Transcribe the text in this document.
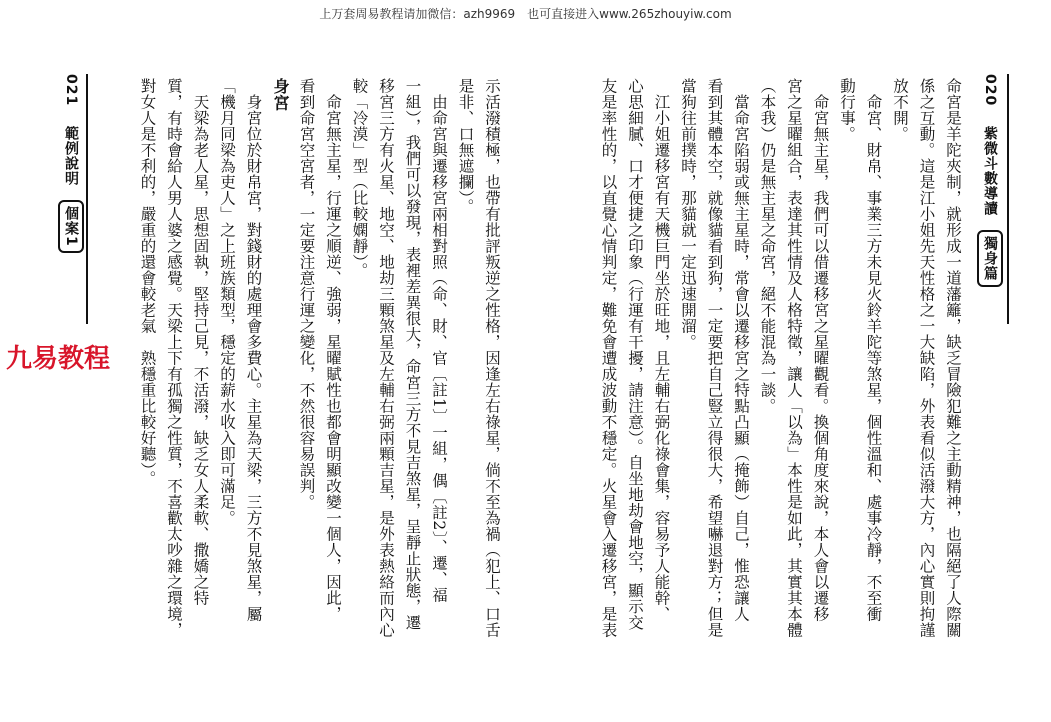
上万套周易教程请加微信：azh9969　也可直接进入www.265zhouyiw.com
020 紫微斗數導讀 獨身篇
命宮是羊陀夾制，就形成一道藩籬，缺乏冒險犯難之主動精神，也隔絕了人際關
係之互動。這是江小姐先天性格之一大缺陷，外表看似活潑大方，內心實則拘謹
放不開。
　命宮、財帛、事業三方未見火鈴羊陀等煞星，個性溫和、處事冷靜，不至衝
動行事。
　命宮無主星，我們可以借遷移宮之星曜觀看。換個角度來說，本人會以遷移
宮之星曜組合，表達其性情及人格特徵，讓人「以為」本性是如此，其實其本體
（本我）仍是無主星之命宮，絕不能混為一談。
　當命宮陷弱或無主星時，常會以遷移宮之特點凸顯（掩飾）自己，惟恐讓人
看到其體本空，就像貓看到狗，一定要把自己豎立得很大，希望嚇退對方；但是
當狗往前撲時，那貓就一定迅速開溜。
　江小姐遷移宮有天機巨門坐於旺地，且左輔右弼化祿會集，容易予人能幹、
心思細膩、口才便捷之印象（行運有干擾，請注意）。自坐地劫會地空，顯示交
友是率性的，以直覺心情判定，難免會遭成波動不穩定。火星會入遷移宮，是表
021 範例說明 個案1	示活潑積極，也帶有批評叛逆之性格，因逢左右祿星，倘不至為禍（犯上、口舌
是非、口無遮攔）。
　由命宮與遷移宮兩相對照（命、財、官〔註1〕一組，偶〔註2〕、遷、福
一組），我們可以發現，表裡差異很大，命宮三方不見吉煞星，呈靜止狀態，遷
移宮三方有火星、地空、地劫三顆煞星及左輔右弼兩顆吉星，是外表熱絡而內心
較「冷漠」型（比較嫻靜）。
　命宮無主星，行運之順逆、強弱，星曜賦性也都會明顯改變一個人，因此，
看到命宮空宮者，一定要注意行運之變化，不然很容易誤判。
身宮
　身宮位於財帛宮，對錢財的處理會多費心。主星為天梁，三方不見煞星，屬
「機月同梁為吏人」之上班族類型，穩定的薪水收入即可滿足。
　天梁為老人星，思想固執，堅持己見，不活潑，缺乏女人柔軟、撒嬌之特
質，有時會給人男人婆之感覺。天梁上下有孤獨之性質，不喜歡太吵雜之環境，
對女人是不利的，嚴重的還會較老氣　熟穩重比較好聽）。
九易教程
